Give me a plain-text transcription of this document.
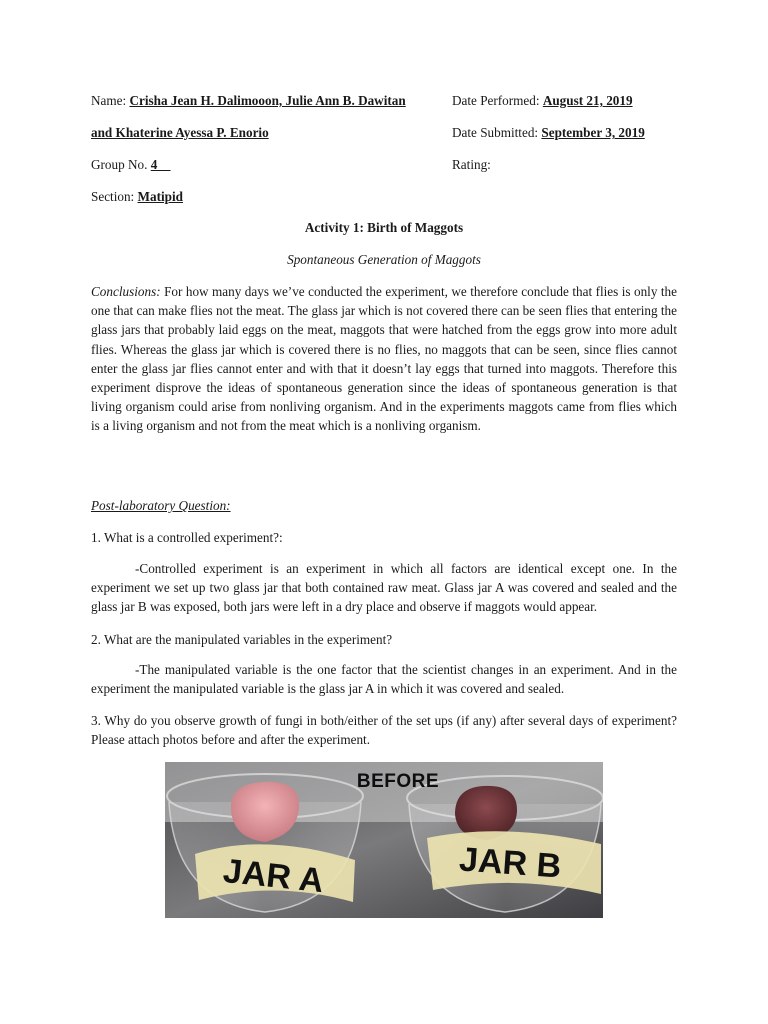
Name: Crisha Jean H. Dalimooon, Julie Ann B. Dawitan	Date Performed: August 21, 2019
and Khaterine Ayessa P. Enorio	Date Submitted: September 3, 2019
Group No. 4	Rating:
Section: Matipid
Activity 1: Birth of Maggots
Spontaneous Generation of Maggots
Conclusions: For how many days we’ve conducted the experiment, we therefore conclude that flies is only the one that can make flies not the meat. The glass jar which is not covered there can be seen flies that entering the glass jars that probably laid eggs on the meat, maggots that were hatched from the eggs grow into more adult flies. Whereas the glass jar which is covered there is no flies, no maggots that can be seen, since flies cannot enter the glass jar flies cannot enter and with that it doesn’t lay eggs that turned into maggots. Therefore this experiment disprove the ideas of spontaneous generation since the ideas of spontaneous generation is that living organism could arise from nonliving organism. And in the experiments maggots came from flies which is a living organism and not from the meat which is a nonliving organism.
Post-laboratory Question:
1. What is a controlled experiment?:
-Controlled experiment is an experiment in which all factors are identical except one. In the experiment we set up two glass jar that both contained raw meat. Glass jar A was covered and sealed and the glass jar B was exposed, both jars were left in a dry place and observe if maggots would appear.
2. What are the manipulated variables in the experiment?
-The manipulated variable is the one factor that the scientist changes in an experiment. And in the experiment the manipulated variable is the glass jar A in which it was covered and sealed.
3. Why do you observe growth of fungi in both/either of the set ups (if any) after several days of experiment? Please attach photos before and after the experiment.
JAR A	JAR B
BEFORE
